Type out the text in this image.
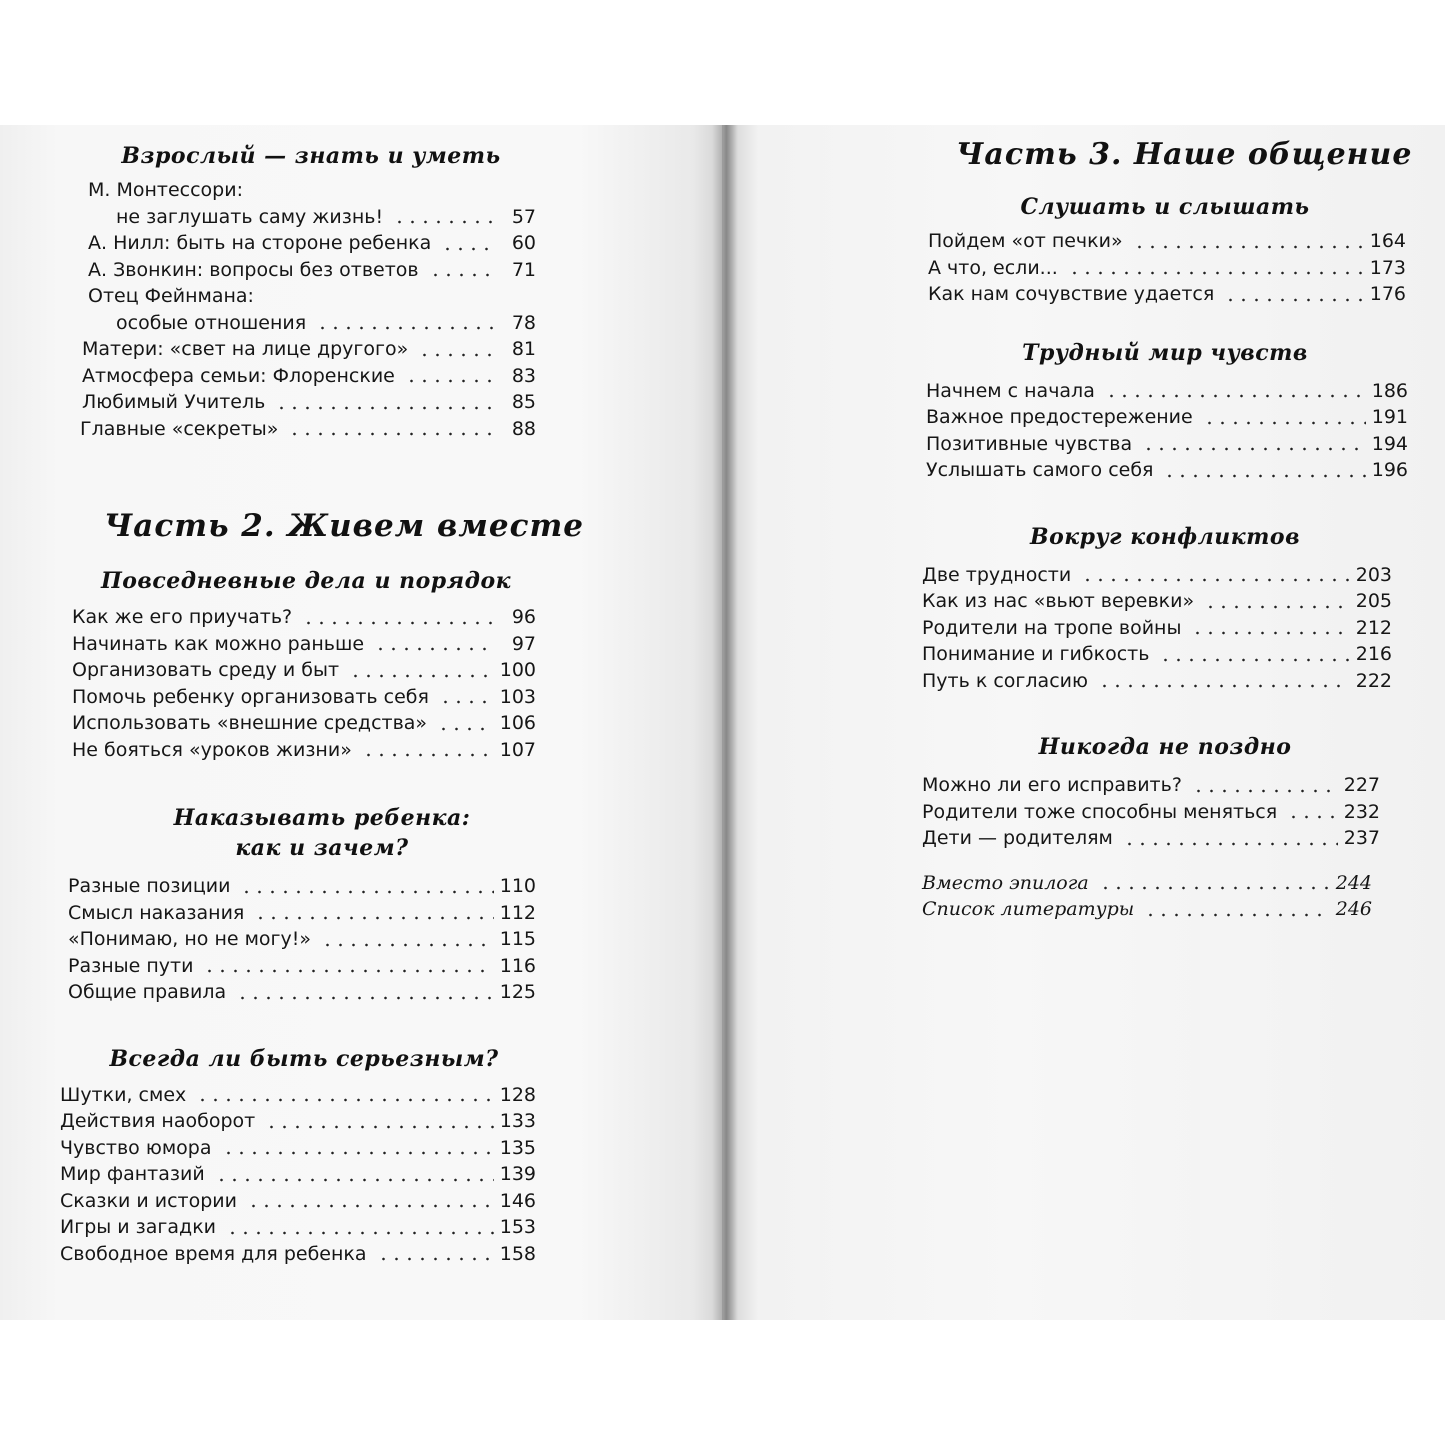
Взрослый — знать и уметь
М. Монтессори:
не заглушать саму жизнь!	57
А. Нилл: быть на стороне ребенка	60
А. Звонкин: вопросы без ответов	71
Отец Фейнмана:
особые отношения	78
Матери: «свет на лице другого»	81
Атмосфера семьи: Флоренские	83
Любимый Учитель	85
Главные «секреты»	88
Часть 2. Живем вместе
Повседневные дела и порядок
Как же его приучать?	96
Начинать как можно раньше	97
Организовать среду и быт	100
Помочь ребенку организовать себя	103
Использовать «внешние средства»	106
Не бояться «уроков жизни»	107
Наказывать ребенка:
как и зачем?
Разные позиции	110
Смысл наказания	112
«Понимаю, но не могу!»	115
Разные пути	116
Общие правила	125
Всегда ли быть серьезным?
Шутки, смех	128
Действия наоборот	133
Чувство юмора	135
Мир фантазий	139
Сказки и истории	146
Игры и загадки	153
Свободное время для ребенка	158
Часть 3. Наше общение
Слушать и слышать
Пойдем «от печки»	164
А что, если...	173
Как нам сочувствие удается	176
Трудный мир чувств
Начнем с начала	186
Важное предостережение	191
Позитивные чувства	194
Услышать самого себя	196
Вокруг конфликтов
Две трудности	203
Как из нас «вьют веревки»	205
Родители на тропе войны	212
Понимание и гибкость	216
Путь к согласию	222
Никогда не поздно
Можно ли его исправить?	227
Родители тоже способны меняться	232
Дети — родителям	237
Вместо эпилога	244
Список литературы	246
